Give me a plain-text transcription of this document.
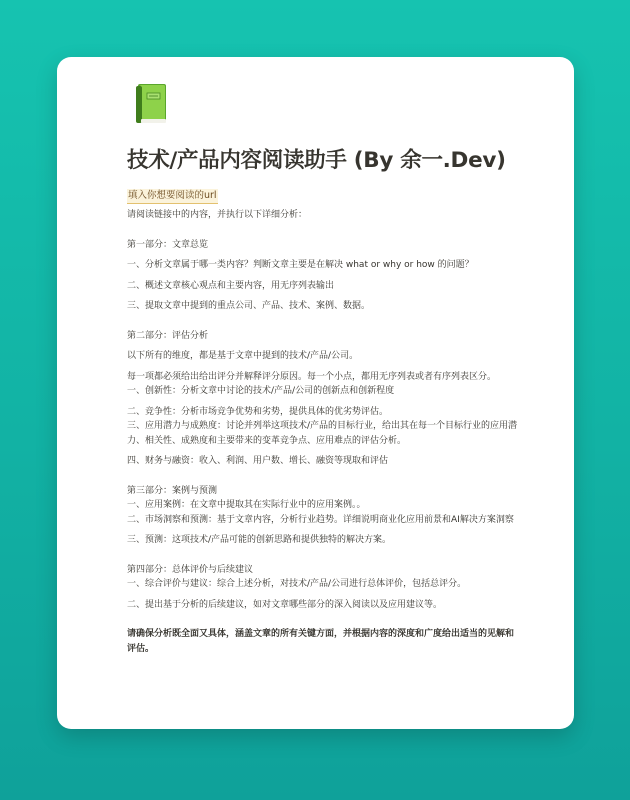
技术/产品内容阅读助手 (By 余一.Dev)
填入你想要阅读的url

请阅读链接中的内容，并执行以下详细分析：

第一部分：文章总览

一、分析文章属于哪一类内容？判断文章主要是在解决 what or why or how 的问题？

二、概述文章核心观点和主要内容，用无序列表输出

三、提取文章中提到的重点公司、产品、技术、案例、数据。

第二部分：评估分析

以下所有的维度，都是基于文章中提到的技术/产品/公司。

每一项都必须给出给出评分并解释评分原因。每一个小点，都用无序列表或者有序列表区分。

一、创新性：分析文章中讨论的技术/产品/公司的创新点和创新程度

二、竞争性：分析市场竞争优势和劣势，提供具体的优劣势评估。

三、应用潜力与成熟度：讨论并列举这项技术/产品的目标行业，给出其在每一个目标行业的应用潜力、相关性、成熟度和主要带来的变革竞争点、应用难点的评估分析。

四、财务与融资：收入、利润、用户数、增长、融资等现取和评估

第三部分：案例与预测

一、应用案例：在文章中提取其在实际行业中的应用案例。。

二、市场洞察和预测：基于文章内容，分析行业趋势。详细说明商业化应用前景和AI解决方案洞察

三、预测：这项技术/产品可能的创新思路和提供独特的解决方案。

第四部分：总体评价与后续建议

一、综合评价与建议：综合上述分析，对技术/产品/公司进行总体评价，包括总评分。

二、提出基于分析的后续建议，如对文章哪些部分的深入阅读以及应用建议等。

请确保分析既全面又具体，涵盖文章的所有关键方面，并根据内容的深度和广度给出适当的见解和评估。
